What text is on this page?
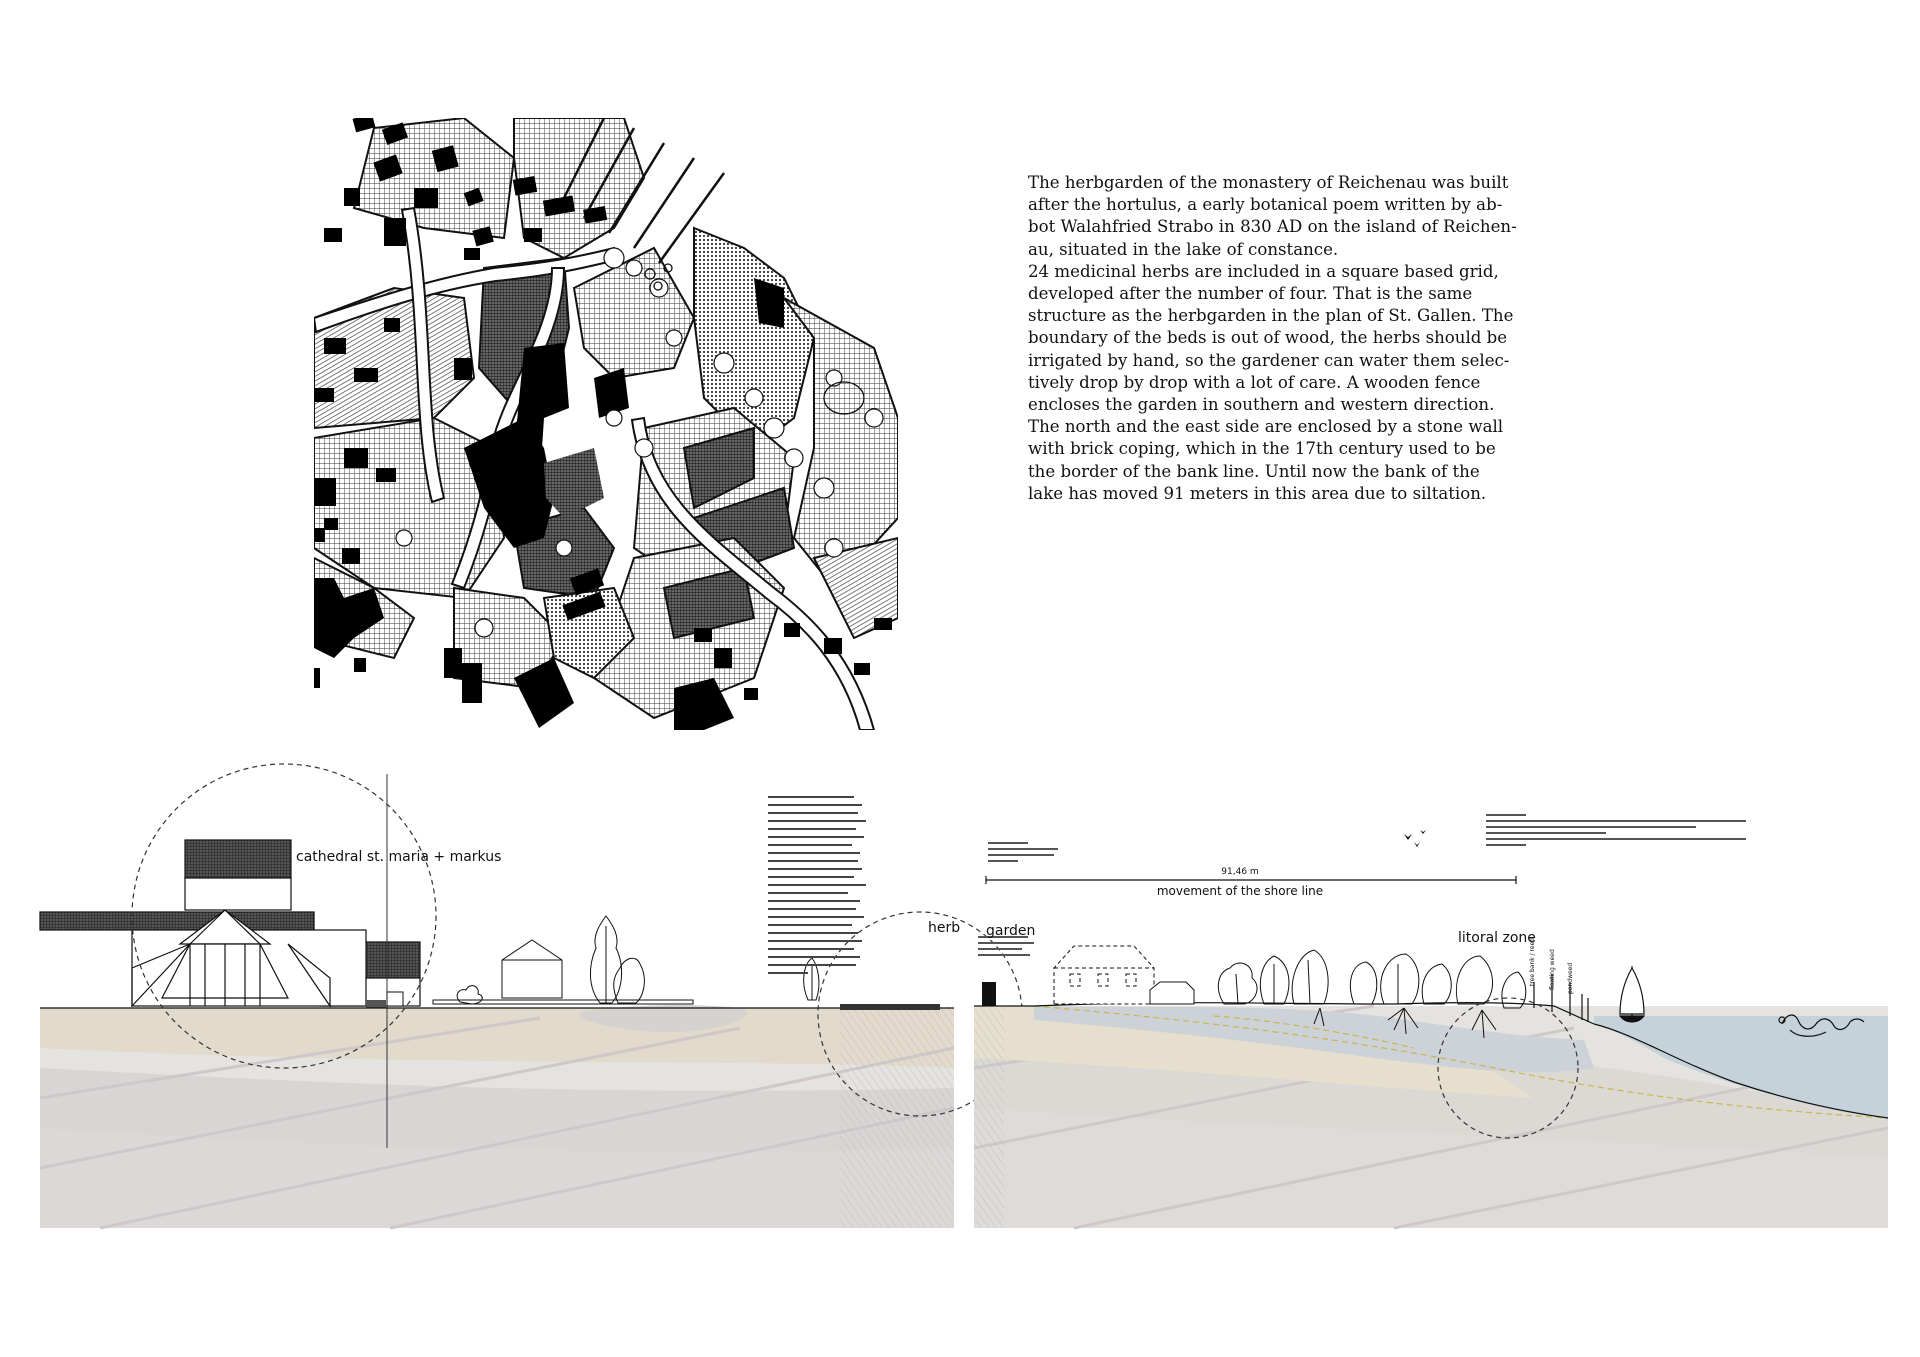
The herbgarden of the monastery of Reichenau was built

after the hortulus, a early botanical poem written by ab-

bot Walahfried Strabo in 830 AD on the island of Reichen-

au, situated in the lake of constance.

24 medicinal herbs are included in a square based grid,

developed after the number of four. That is the same

structure as the herbgarden in the plan of St. Gallen. The

boundary of the beds is out of wood, the herbs should be

irrigated by hand, so the gardener can water them selec-

tively drop by drop with a lot of care. A wooden fence

encloses the garden in southern and western direction.

The north and the east side are enclosed by a stone wall

with brick coping, which in the 17th century used to be

the border of the bank line. Until now the bank of the

lake has moved 91 meters in this area due to siltation.

cathedral st. maria + markus
herb
91,46 m
movement of the shore line
tree bank / reed floating weed pondweed
garden	litoral zone
